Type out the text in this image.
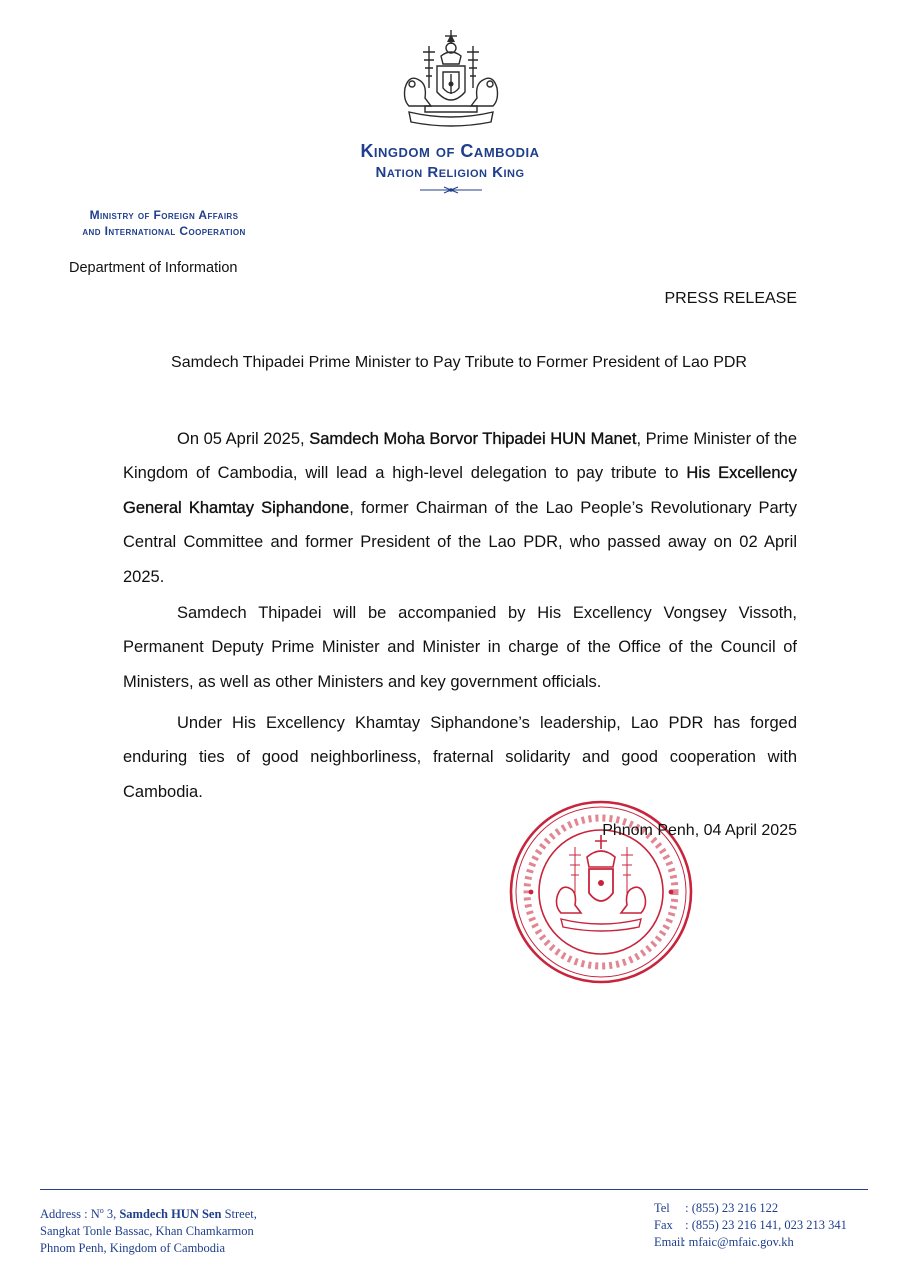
Kingdom of Cambodia
Nation Religion King
Ministry of Foreign Affairs
and International Cooperation
Department of Information
PRESS RELEASE
Samdech Thipadei Prime Minister to Pay Tribute to Former President of Lao PDR

On 05 April 2025, Samdech Moha Borvor Thipadei HUN Manet, Prime Minister of the Kingdom of Cambodia, will lead a high-level delegation to pay tribute to His Excellency General Khamtay Siphandone, former Chairman of the Lao People’s Revolutionary Party Central Committee and former President of the Lao PDR, who passed away on 02 April 2025.

Samdech Thipadei will be accompanied by His Excellency Vongsey Vissoth, Permanent Deputy Prime Minister and Minister in charge of the Office of the Council of Ministers, as well as other Ministers and key government officials.

Under His Excellency Khamtay Siphandone’s leadership, Lao PDR has forged enduring ties of good neighborliness, fraternal solidarity and good cooperation with Cambodia.

Phnom Penh, 04 April 2025
Address : $N^o$ 3, Samdech HUN Sen Street,
Sangkat Tonle Bassac, Khan Chamkarmon
Phnom Penh, Kingdom of Cambodia
Tel : (855) 23 216 122
Fax : (855) 23 216 141, 023 213 341
Email: mfaic@mfaic.gov.kh
